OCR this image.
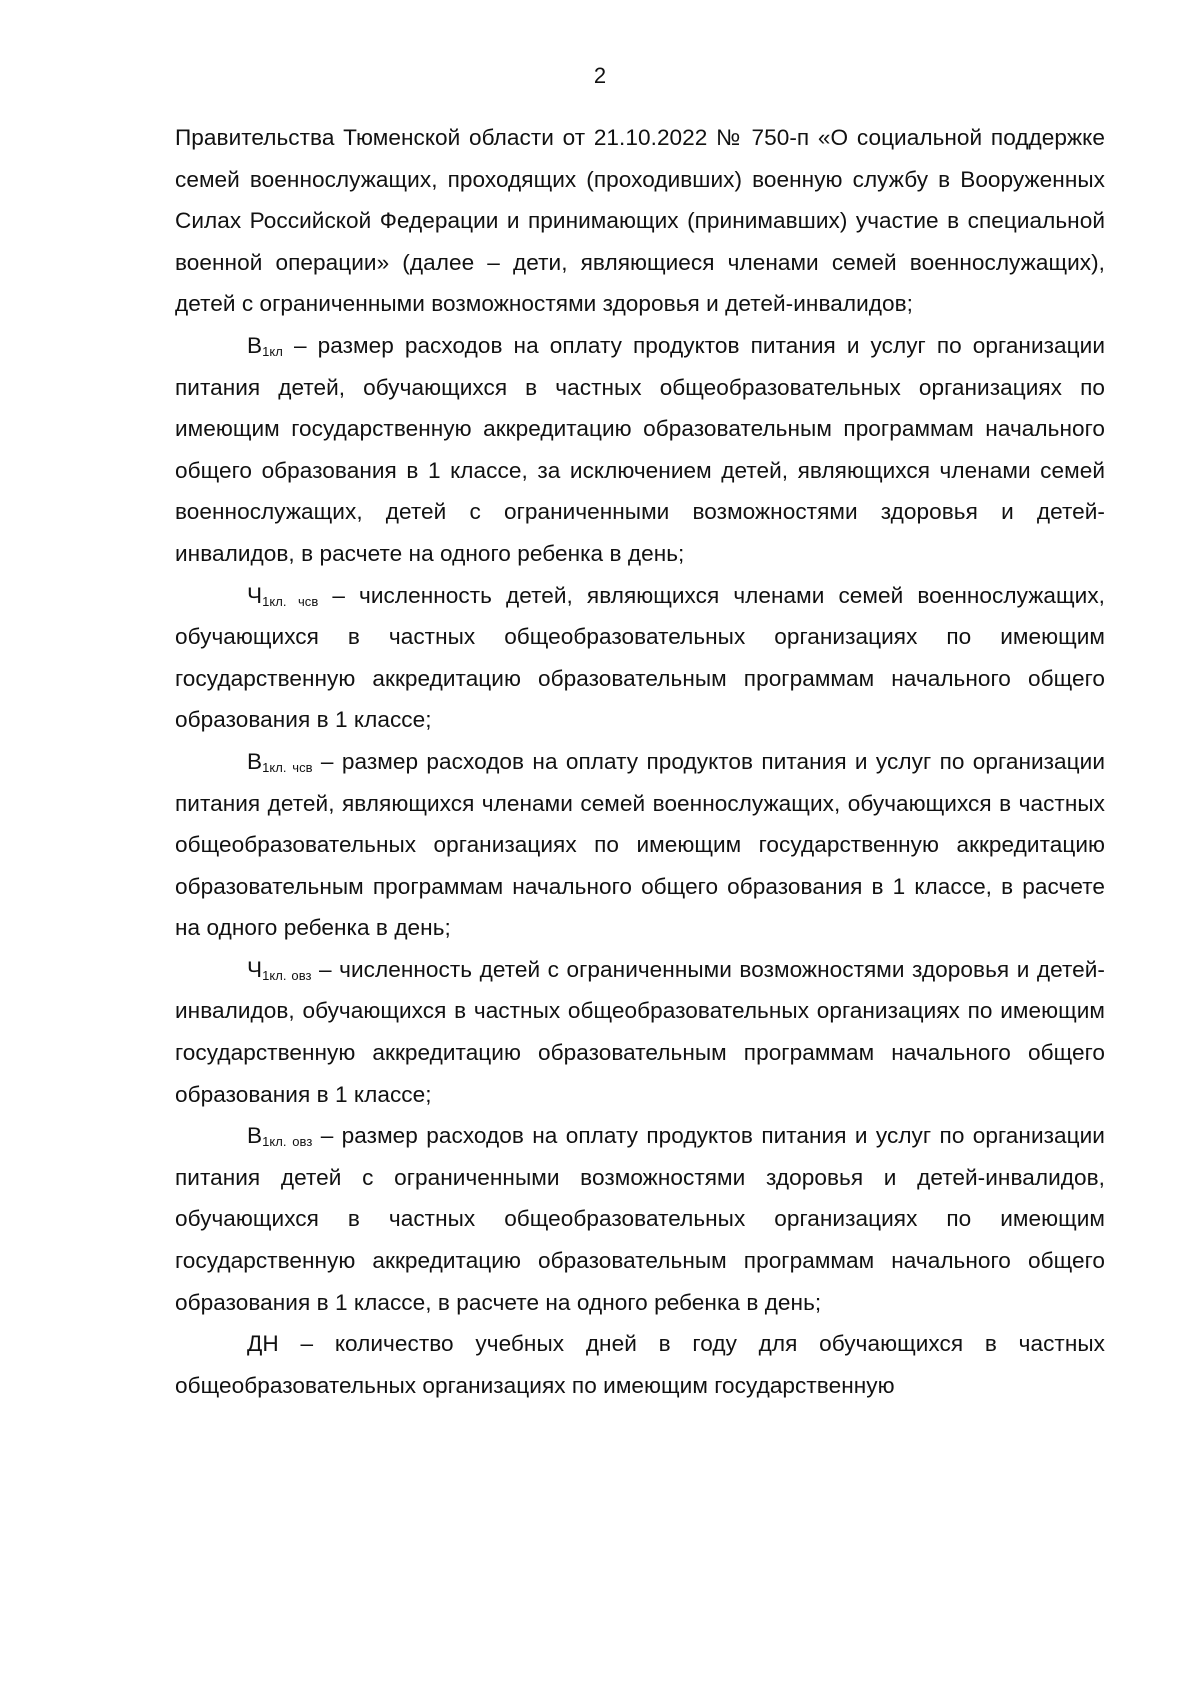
2

Правительства Тюменской области от 21.10.2022 № 750-п «О социальной поддержке семей военнослужащих, проходящих (проходивших) военную службу в Вооруженных Силах Российской Федерации и принимающих (принимавших) участие в специальной военной операции» (далее – дети, являющиеся членами семей военнослужащих), детей с ограниченными возможностями здоровья и детей-инвалидов;

$В_{1кл}$ – размер расходов на оплату продуктов питания и услуг по организации питания детей, обучающихся в частных общеобразовательных организациях по имеющим государственную аккредитацию образовательным программам начального общего образования в 1 классе, за исключением детей, являющихся членами семей военнослужащих, детей с ограниченными возможностями здоровья и детей-инвалидов, в расчете на одного ребенка в день;

$Ч_{1кл. чсв}$ – численность детей, являющихся членами семей военнослужащих, обучающихся в частных общеобразовательных организациях по имеющим государственную аккредитацию образовательным программам начального общего образования в 1 классе;

$В_{1кл. чсв}$ – размер расходов на оплату продуктов питания и услуг по организации питания детей, являющихся членами семей военнослужащих, обучающихся в частных общеобразовательных организациях по имеющим государственную аккредитацию образовательным программам начального общего образования в 1 классе, в расчете на одного ребенка в день;

$Ч_{1кл. овз}$ – численность детей с ограниченными возможностями здоровья и детей-инвалидов, обучающихся в частных общеобразовательных организациях по имеющим государственную аккредитацию образовательным программам начального общего образования в 1 классе;

$В_{1кл. овз}$ – размер расходов на оплату продуктов питания и услуг по организации питания детей с ограниченными возможностями здоровья и детей-инвалидов, обучающихся в частных общеобразовательных организациях по имеющим государственную аккредитацию образовательным программам начального общего образования в 1 классе, в расчете на одного ребенка в день;

ДН – количество учебных дней в году для обучающихся в частных общеобразовательных организациях по имеющим государственную
